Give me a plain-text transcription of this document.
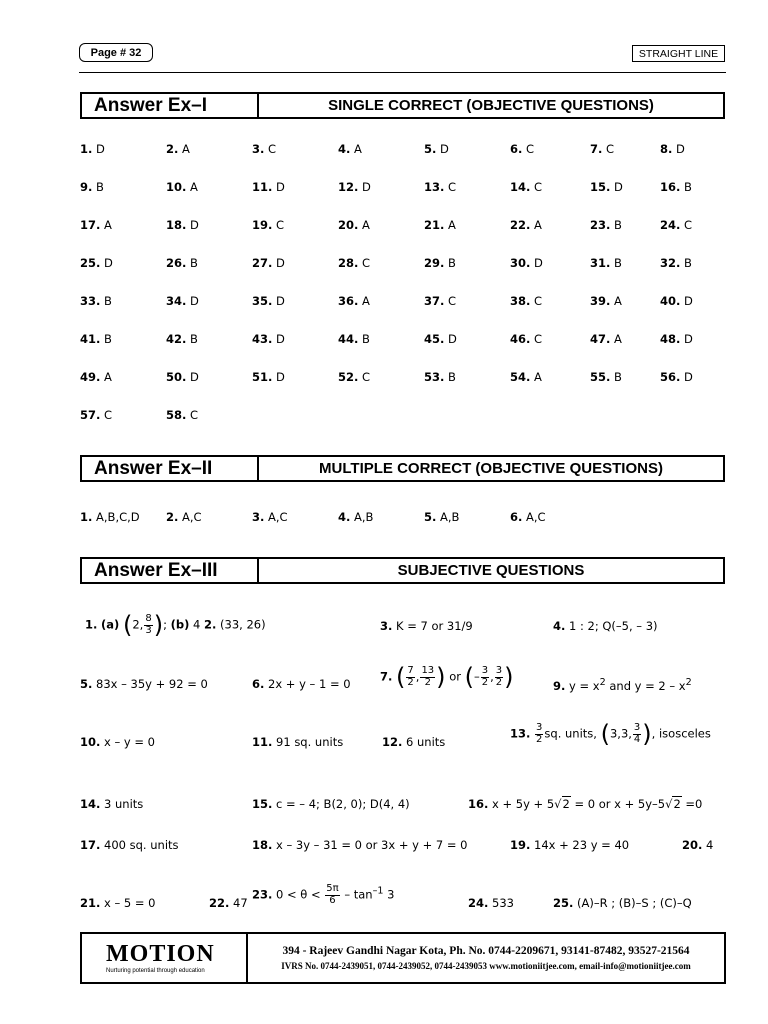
Page # 32	STRAIGHT LINE
Answer Ex–I	SINGLE CORRECT (OBJECTIVE QUESTIONS)
1. D	2. A	3. C	4. A	5. D	6. C	7. C	8. D
9. B	10. A	11. D	12. D	13. C	14. C	15. D	16. B
17. A	18. D	19. C	20. A	21. A	22. A	23. B	24. C
25. D	26. B	27. D	28. C	29. B	30. D	31. B	32. B
33. B	34. D	35. D	36. A	37. C	38. C	39. A	40. D
41. B	42. B	43. D	44. B	45. D	46. C	47. A	48. D
49. A	50. D	51. D	52. C	53. B	54. A	55. B	56. D
57. C	58. C
Answer Ex–II	MULTIPLE CORRECT (OBJECTIVE QUESTIONS)
1. A,B,C,D 2. A,C	3. A,C	4. A,B	5. A,B	6. A,C
Answer Ex–III	SUBJECTIVE QUESTIONS
1. (a) (2, $\frac{8}{3}$ ); (b) 4 2. (33, 26)	3. K = 7 or 31/9	4. 1 : 2; Q(–5, – 3)
5. 83x – 35y + 92 = 0	6. 2x + y – 1 = 0
7. ( $\frac{7}{2}$ , $\frac{13}{2}$ ) or (– $\frac{3}{2}$ , $\frac{3}{2}$ )	9. $y = x^2$ and $y = 2 - x^2$
10. x – y = 0	11. 91 sq. units	12. 6 units
13. $\frac{3}{2}$ sq. units, (3,3, $\frac{3}{4}$ ), isosceles
14. 3 units	15. c = – 4; B(2, 0); D(4, 4)	16. x + 5y + 5√2 = 0 or x + 5y–5√2 =0
17. 400 sq. units	18. x – 3y – 31 = 0 or 3x + y + 7 = 0	19. 14x + 23 y = 40	20. 4
21. x – 5 = 0	22. 47
23. $0 < \theta < \frac{5\pi}{6} - \tan^{-1} 3$
24. 533	25. (A)–R ; (B)–S ; (C)–Q
MOTION
Nurturing potential through education
394 - Rajeev Gandhi Nagar Kota, Ph. No. 0744-2209671, 93141-87482, 93527-21564
IVRS No. 0744-2439051, 0744-2439052, 0744-2439053 www.motioniitjee.com, email-info@motioniitjee.com
